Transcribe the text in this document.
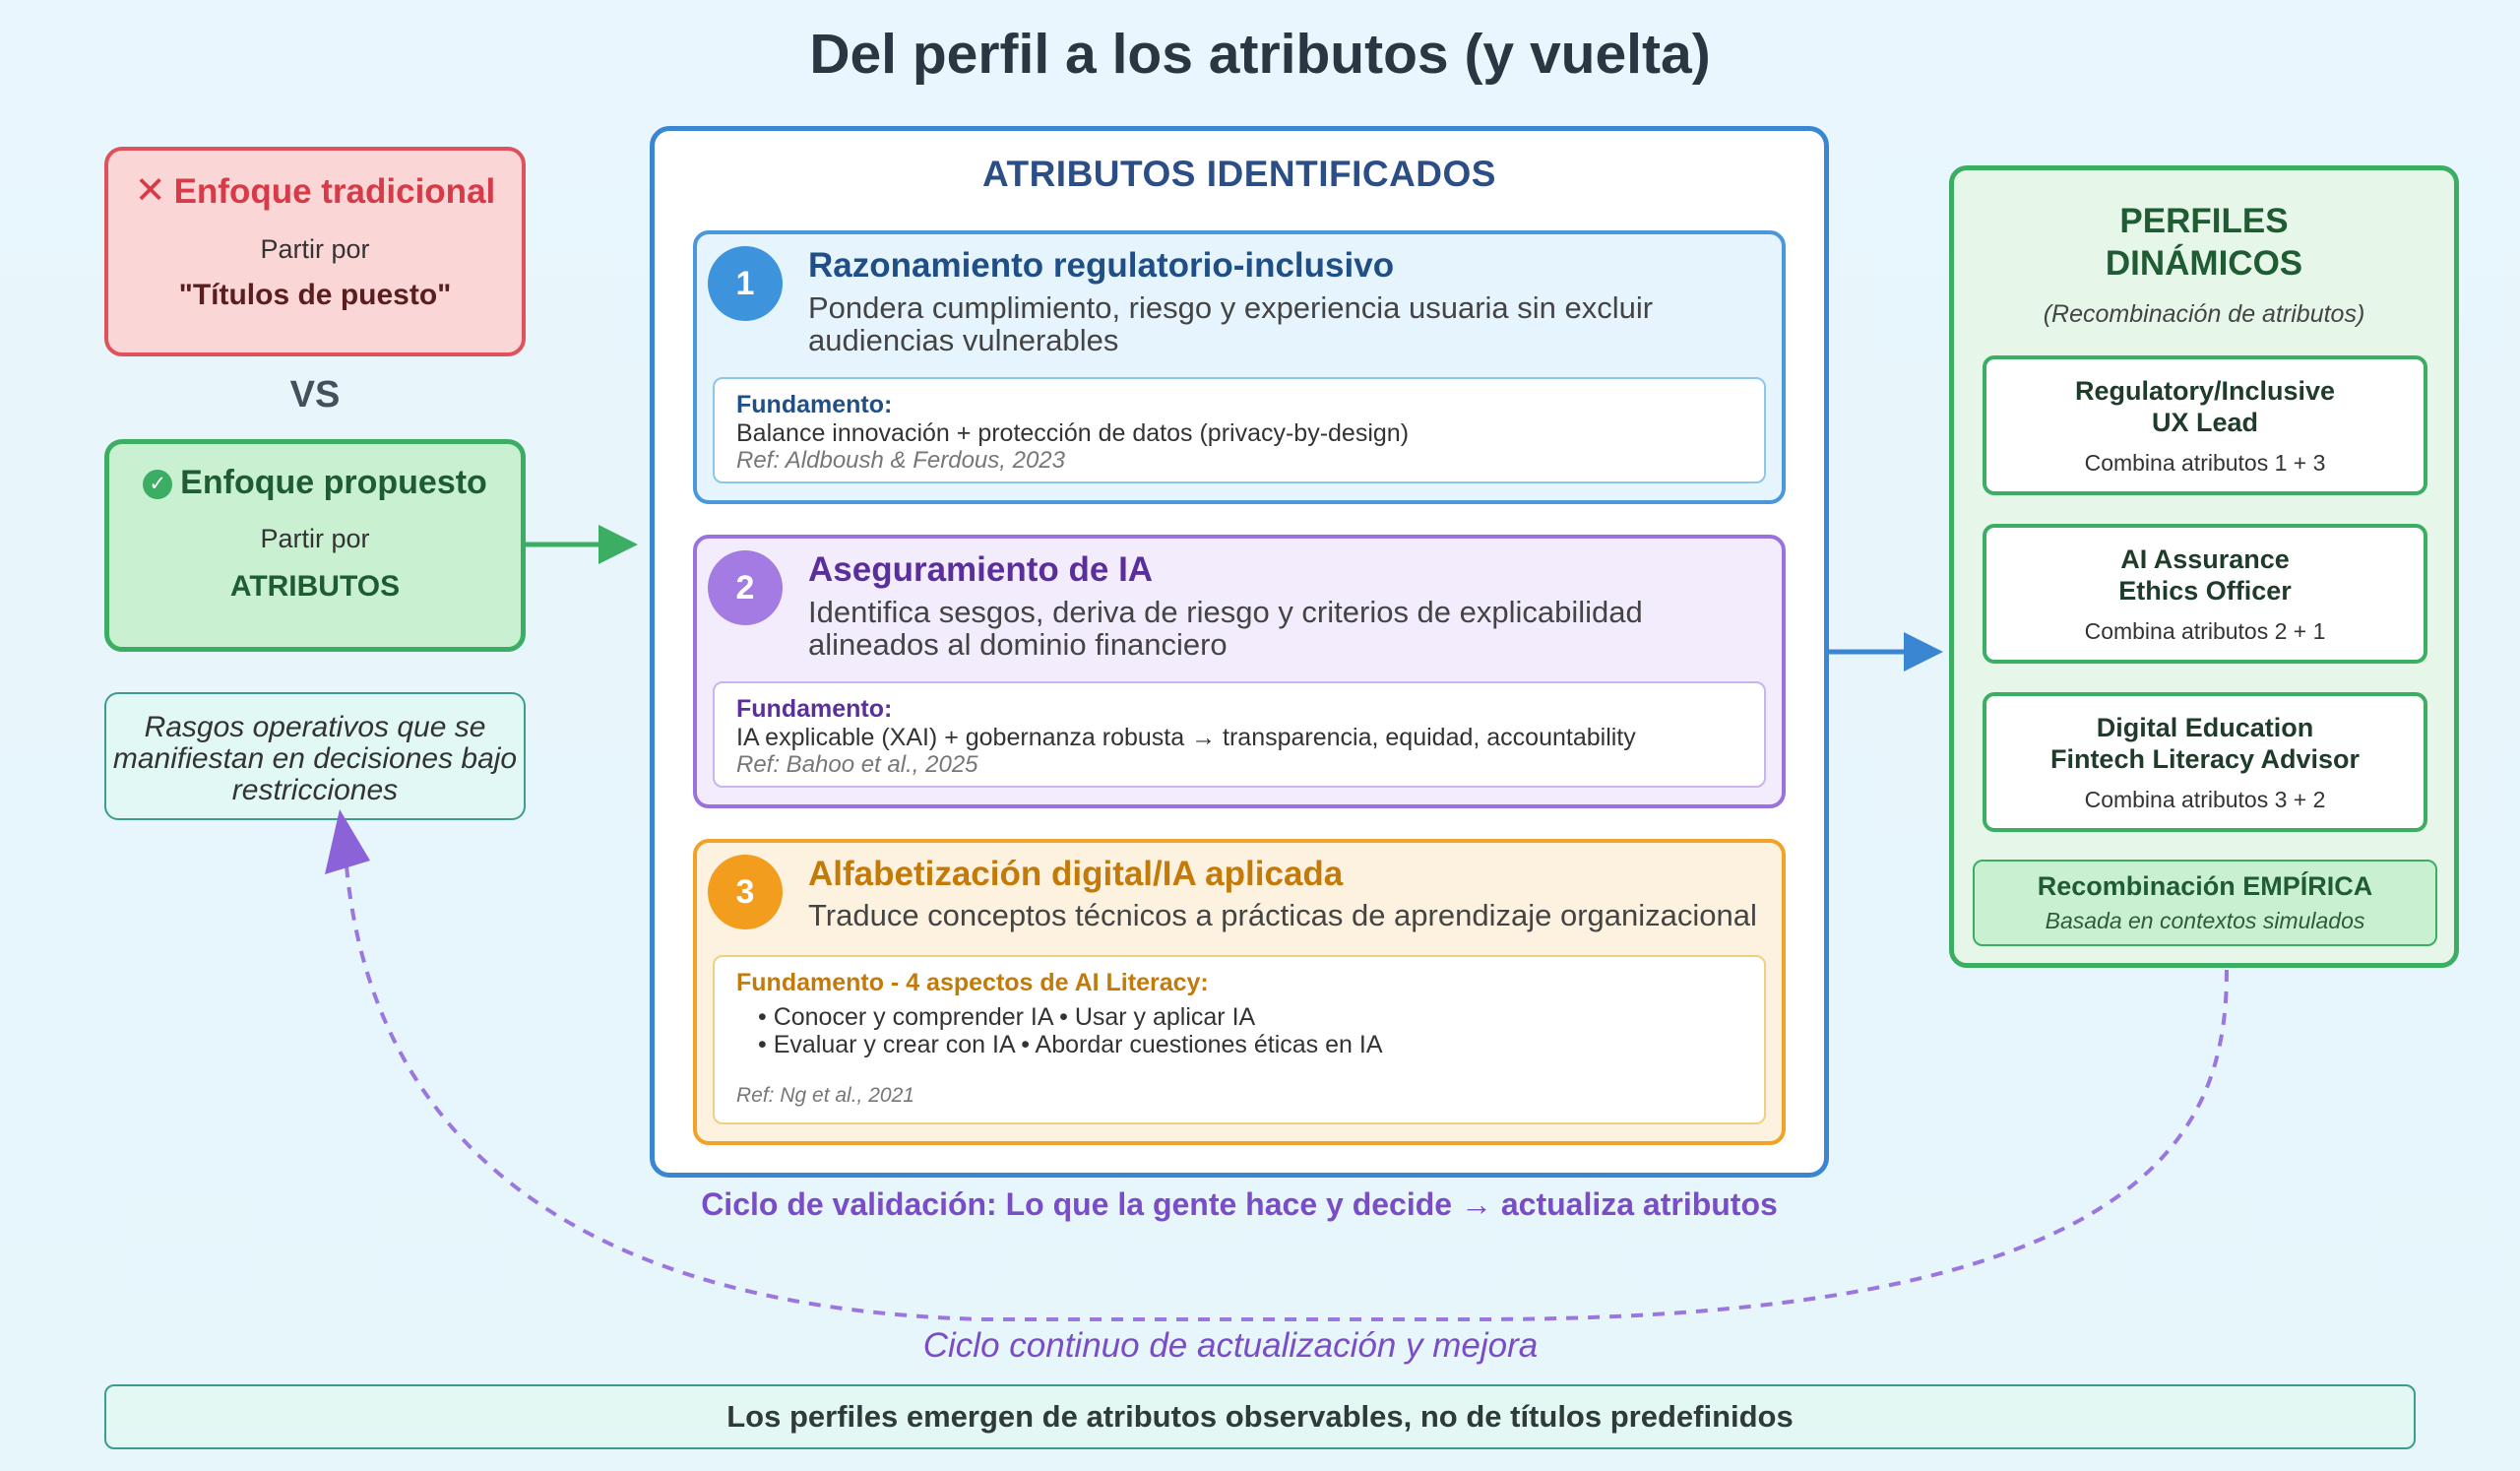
Del perfil a los atributos (y vuelta)
✕ Enfoque tradicional
Partir por
"Títulos de puesto"
VS
✓ Enfoque propuesto
Partir por
ATRIBUTOS
Rasgos operativos que se manifiestan en decisiones bajo restricciones
ATRIBUTOS IDENTIFICADOS
1	Razonamiento regulatorio-inclusivo
Pondera cumplimiento, riesgo y experiencia usuaria sin excluir audiencias vulnerables
Fundamento:
Balance innovación + protección de datos (privacy-by-design)
Ref: Aldboush & Ferdous, 2023
2	Aseguramiento de IA
Identifica sesgos, deriva de riesgo y criterios de explicabilidad alineados al dominio financiero
Fundamento:
IA explicable (XAI) + gobernanza robusta → transparencia, equidad, accountability
Ref: Bahoo et al., 2025
3	Alfabetización digital/IA aplicada
Traduce conceptos técnicos a prácticas de aprendizaje organizacional
Fundamento - 4 aspectos de AI Literacy:
• Conocer y comprender IA • Usar y aplicar IA
• Evaluar y crear con IA • Abordar cuestiones éticas en IA
Ref: Ng et al., 2021
Ciclo de validación: Lo que la gente hace y decide → actualiza atributos
PERFILES
DINÁMICOS
(Recombinación de atributos)
Regulatory/Inclusive
UX Lead
Combina atributos 1 + 3
AI Assurance
Ethics Officer
Combina atributos 2 + 1
Digital Education
Fintech Literacy Advisor
Combina atributos 3 + 2
Recombinación EMPÍRICA
Basada en contextos simulados
Ciclo continuo de actualización y mejora
Los perfiles emergen de atributos observables, no de títulos predefinidos
